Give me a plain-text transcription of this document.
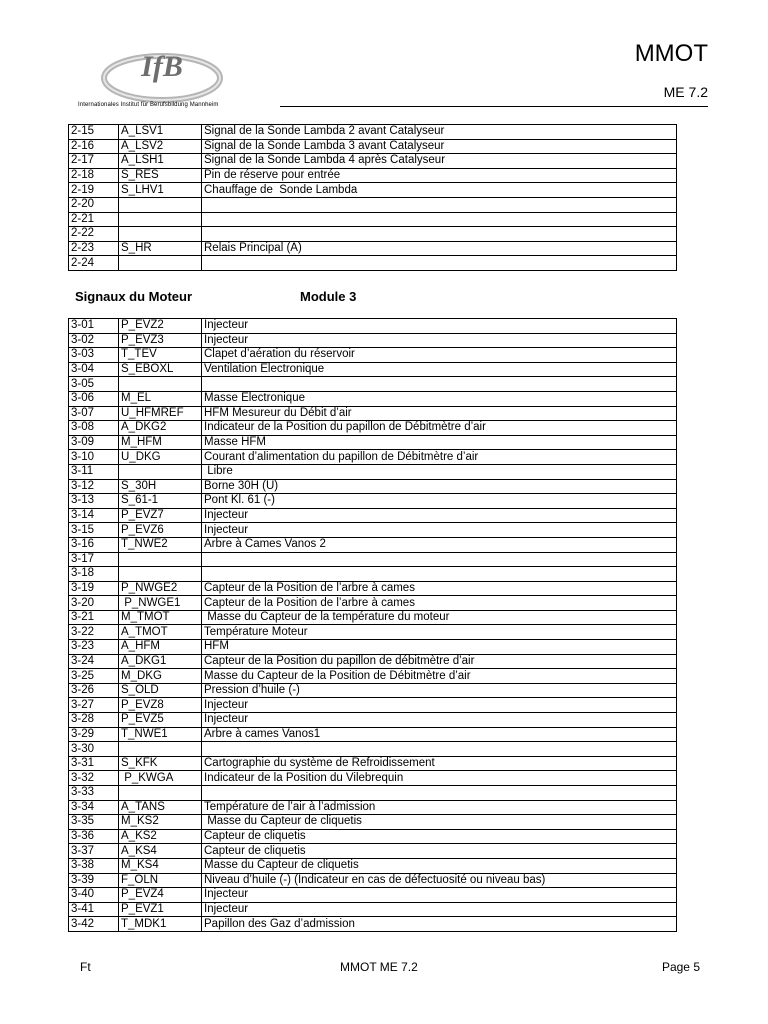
IfB
Internationales Institut für Berufsbildung Mannheim
MMOT
ME 7.2
2-15	A_LSV1	Signal de la Sonde Lambda 2 avant Catalyseur
2-16	A_LSV2	Signal de la Sonde Lambda 3 avant Catalyseur
2-17	A_LSH1	Signal de la Sonde Lambda 4 après Catalyseur
2-18	S_RES	Pin de réserve pour entrée
2-19	S_LHV1	Chauffage de  Sonde Lambda
2-20		
2-21		
2-22		
2-23	S_HR	Relais Principal (A)
2-24		
Signaux du Moteur	Module 3
3-01	P_EVZ2	Injecteur
3-02	P_EVZ3	Injecteur
3-03	T_TEV	Clapet d’aération du réservoir
3-04	S_EBOXL	Ventilation Electronique
3-05		
3-06	M_EL	Masse Electronique
3-07	U_HFMREF	HFM Mesureur du Débit d’air
3-08	A_DKG2	Indicateur de la Position du papillon de Débitmètre d’air
3-09	M_HFM	Masse HFM
3-10	U_DKG	Courant d’alimentation du papillon de Débitmètre d’air
3-11		Libre
3-12	S_30H	Borne 30H (U)
3-13	S_61-1	Pont Kl. 61 (-)
3-14	P_EVZ7	Injecteur
3-15	P_EVZ6	Injecteur
3-16	T_NWE2	Arbre à Cames Vanos 2
3-17		
3-18		
3-19	P_NWGE2	Capteur de la Position de l’arbre à cames
3-20	P_NWGE1	Capteur de la Position de l’arbre à cames
3-21	M_TMOT	Masse du Capteur de la température du moteur
3-22	A_TMOT	Température Moteur
3-23	A_HFM	HFM
3-24	A_DKG1	Capteur de la Position du papillon de débitmètre d’air
3-25	M_DKG	Masse du Capteur de la Position de Débitmètre d’air
3-26	S_OLD	Pression d’huile (-)
3-27	P_EVZ8	Injecteur
3-28	P_EVZ5	Injecteur
3-29	T_NWE1	Arbre à cames Vanos1
3-30		
3-31	S_KFK	Cartographie du système de Refroidissement
3-32	P_KWGA	Indicateur de la Position du Vilebrequin
3-33		
3-34	A_TANS	Température de l’air à l’admission
3-35	M_KS2	Masse du Capteur de cliquetis
3-36	A_KS2	Capteur de cliquetis
3-37	A_KS4	Capteur de cliquetis
3-38	M_KS4	Masse du Capteur de cliquetis
3-39	F_OLN	Niveau d’huile (-) (Indicateur en cas de défectuosité ou niveau bas)
3-40	P_EVZ4	Injecteur
3-41	P_EVZ1	Injecteur
3-42	T_MDK1	Papillon des Gaz d’admission
Ft	MMOT ME 7.2	Page 5
